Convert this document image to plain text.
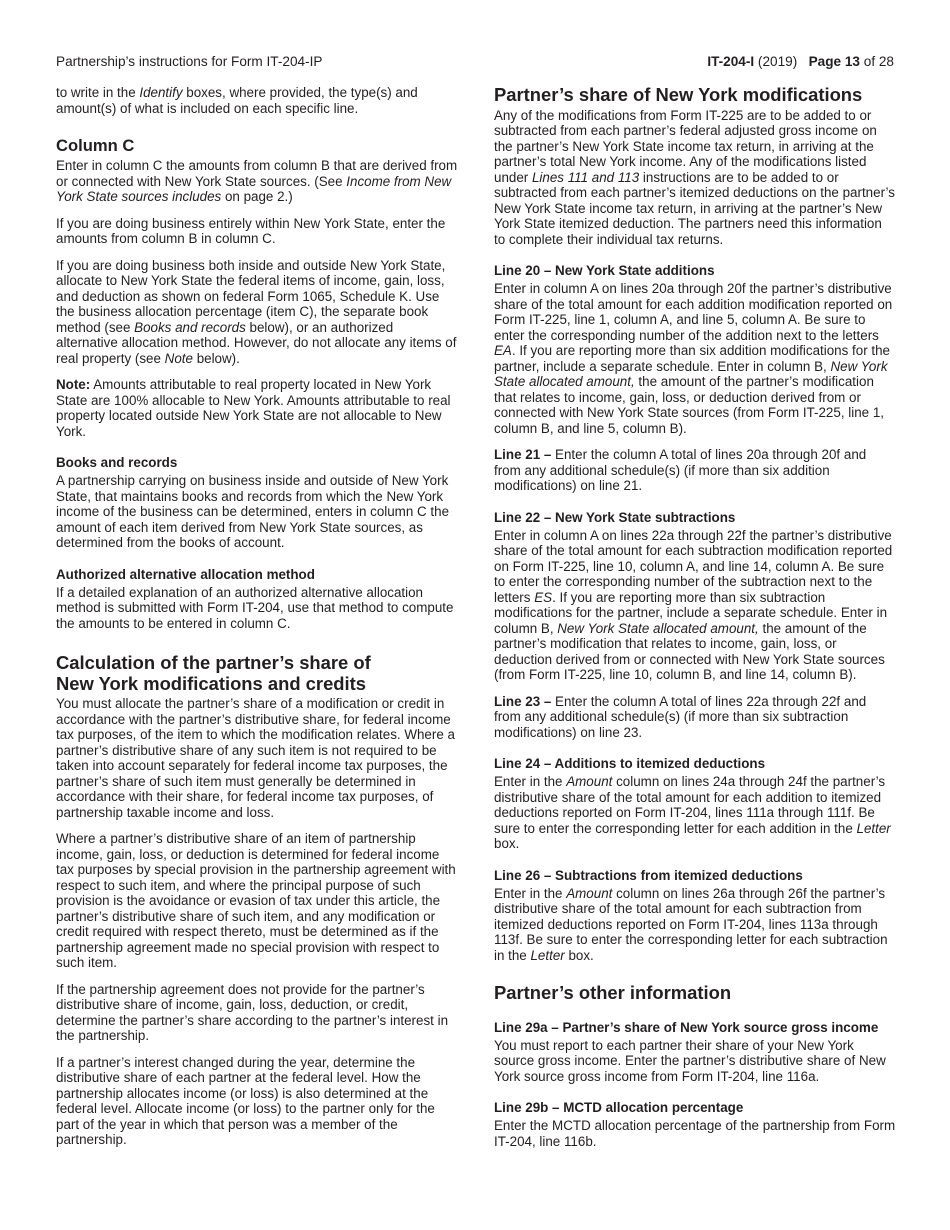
Partnership’s instructions for Form IT-204-IP	IT-204-I (2019) Page 13 of 28

to write in the Identify boxes, where provided, the type(s) and amount(s) of what is included on each specific line.

Column C

Enter in column C the amounts from column B that are derived from or connected with New York State sources. (See Income from New York State sources includes on page 2.)

If you are doing business entirely within New York State, enter the amounts from column B in column C.

If you are doing business both inside and outside New York State, allocate to New York State the federal items of income, gain, loss, and deduction as shown on federal Form 1065, Schedule K. Use the business allocation percentage (item C), the separate book method (see Books and records below), or an authorized alternative allocation method. However, do not allocate any items of real property (see Note below).

Note: Amounts attributable to real property located in New York State are 100% allocable to New York. Amounts attributable to real property located outside New York State are not allocable to New York.

Books and records

A partnership carrying on business inside and outside of New York State, that maintains books and records from which the New York income of the business can be determined, enters in column C the amount of each item derived from New York State sources, as determined from the books of account.

Authorized alternative allocation method

If a detailed explanation of an authorized alternative allocation method is submitted with Form IT-204, use that method to compute the amounts to be entered in column C.

Calculation of the partner’s share of
New York modifications and credits

You must allocate the partner’s share of a modification or credit in accordance with the partner’s distributive share, for federal income tax purposes, of the item to which the modification relates. Where a partner’s distributive share of any such item is not required to be taken into account separately for federal income tax purposes, the partner’s share of such item must generally be determined in accordance with their share, for federal income tax purposes, of partnership taxable income and loss.

Where a partner’s distributive share of an item of partnership income, gain, loss, or deduction is determined for federal income tax purposes by special provision in the partnership agreement with respect to such item, and where the principal purpose of such provision is the avoidance or evasion of tax under this article, the partner’s distributive share of such item, and any modification or credit required with respect thereto, must be determined as if the partnership agreement made no special provision with respect to such item.

If the partnership agreement does not provide for the partner’s distributive share of income, gain, loss, deduction, or credit, determine the partner’s share according to the partner’s interest in the partnership.

If a partner’s interest changed during the year, determine the distributive share of each partner at the federal level. How the partnership allocates income (or loss) is also determined at the federal level. Allocate income (or loss) to the partner only for the part of the year in which that person was a member of the partnership.

Partner’s share of New York modifications

Any of the modifications from Form IT-225 are to be added to or subtracted from each partner’s federal adjusted gross income on the partner’s New York State income tax return, in arriving at the partner’s total New York income. Any of the modifications listed under Lines 111 and 113 instructions are to be added to or subtracted from each partner’s itemized deductions on the partner’s New York State income tax return, in arriving at the partner’s New York State itemized deduction. The partners need this information to complete their individual tax returns.

Line 20 – New York State additions

Enter in column A on lines 20a through 20f the partner’s distributive share of the total amount for each addition modification reported on Form IT-225, line 1, column A, and line 5, column A. Be sure to enter the corresponding number of the addition next to the letters EA. If you are reporting more than six addition modifications for the partner, include a separate schedule. Enter in column B, New York State allocated amount, the amount of the partner’s modification that relates to income, gain, loss, or deduction derived from or connected with New York State sources (from Form IT-225, line 1, column B, and line 5, column B).

Line 21 – Enter the column A total of lines 20a through 20f and from any additional schedule(s) (if more than six addition modifications) on line 21.

Line 22 – New York State subtractions

Enter in column A on lines 22a through 22f the partner’s distributive share of the total amount for each subtraction modification reported on Form IT-225, line 10, column A, and line 14, column A. Be sure to enter the corresponding number of the subtraction next to the letters ES. If you are reporting more than six subtraction modifications for the partner, include a separate schedule. Enter in column B, New York State allocated amount, the amount of the partner’s modification that relates to income, gain, loss, or deduction derived from or connected with New York State sources (from Form IT-225, line 10, column B, and line 14, column B).

Line 23 – Enter the column A total of lines 22a through 22f and from any additional schedule(s) (if more than six subtraction modifications) on line 23.

Line 24 – Additions to itemized deductions

Enter in the Amount column on lines 24a through 24f the partner’s distributive share of the total amount for each addition to itemized deductions reported on Form IT-204, lines 111a through 111f. Be sure to enter the corresponding letter for each addition in the Letter box.

Line 26 – Subtractions from itemized deductions

Enter in the Amount column on lines 26a through 26f the partner’s distributive share of the total amount for each subtraction from itemized deductions reported on Form IT-204, lines 113a through 113f. Be sure to enter the corresponding letter for each subtraction in the Letter box.

Partner’s other information
Line 29a – Partner’s share of New York source gross income

You must report to each partner their share of your New York source gross income. Enter the partner’s distributive share of New York source gross income from Form IT-204, line 116a.

Line 29b – MCTD allocation percentage

Enter the MCTD allocation percentage of the partnership from Form IT-204, line 116b.
